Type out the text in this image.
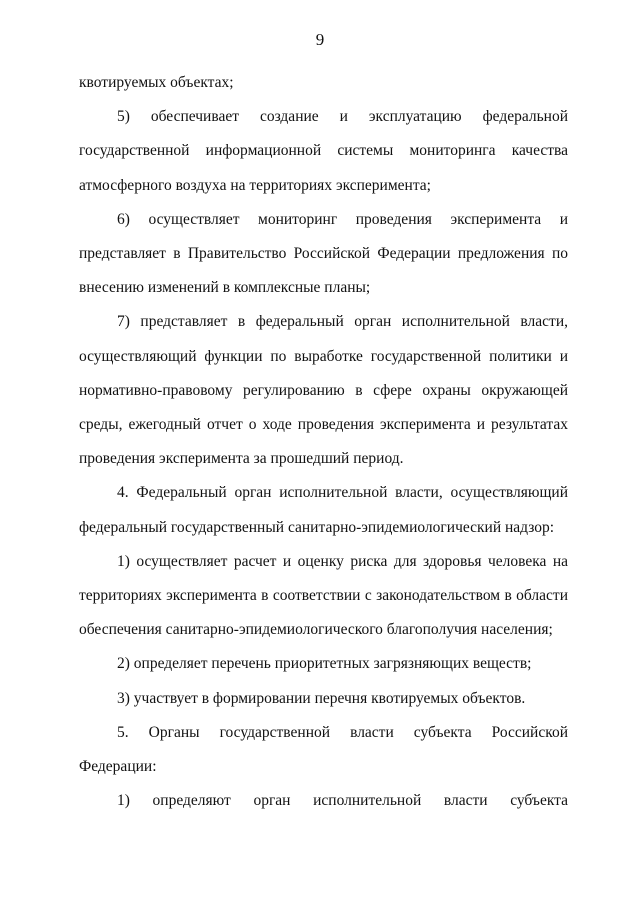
9

квотируемых объектах;

5) обеспечивает создание и эксплуатацию федеральной государственной информационной системы мониторинга качества атмосферного воздуха на территориях эксперимента;

6) осуществляет мониторинг проведения эксперимента и представляет в Правительство Российской Федерации предложения по внесению изменений в комплексные планы;

7) представляет в федеральный орган исполнительной власти, осуществляющий функции по выработке государственной политики и нормативно-правовому регулированию в сфере охраны окружающей среды, ежегодный отчет о ходе проведения эксперимента и результатах проведения эксперимента за прошедший период.

4. Федеральный орган исполнительной власти, осуществляющий федеральный государственный санитарно-эпидемиологический надзор:

1) осуществляет расчет и оценку риска для здоровья человека на территориях эксперимента в соответствии с законодательством в области обеспечения санитарно-эпидемиологического благополучия населения;

2) определяет перечень приоритетных загрязняющих веществ;

3) участвует в формировании перечня квотируемых объектов.

5. Органы государственной власти субъекта Российской Федерации:

1) определяют орган исполнительной власти субъекта
